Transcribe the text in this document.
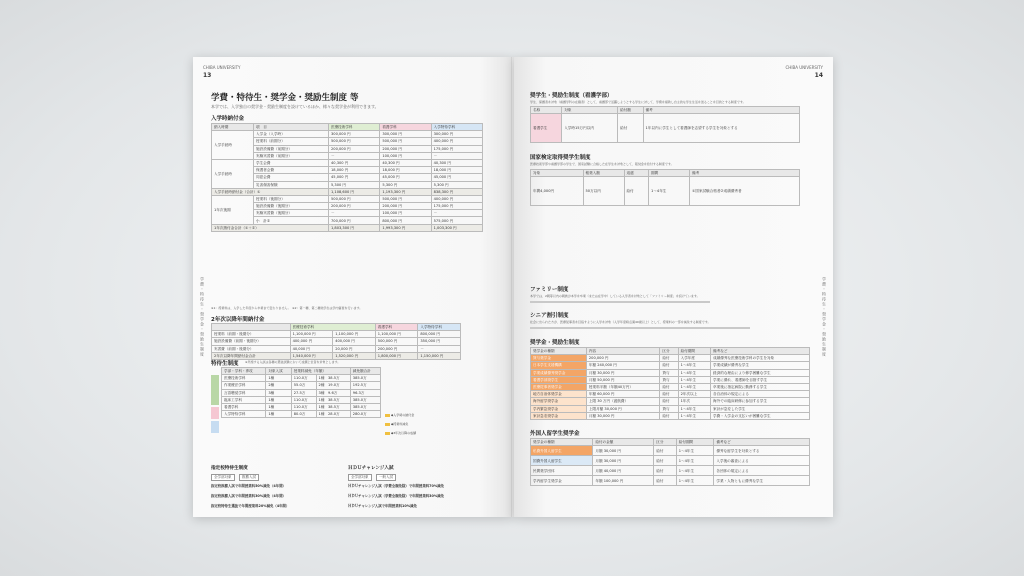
CHIBA UNIVERSITY
13
学費・特待生・奨学金・奨励生制度 等
本学では、入学独自の奨学金・奨励生制度を設けているほか、様々な奨学金が利用できます。
入学時納付金
納入時期	項　目	医療技術学科	看護学科	入学特待学科
入学手続時	入学金（入学時）	300,000 円	300,000 円	300,000 円
	授業料（前期分）	500,000 円	500,000 円	400,000 円
	施設設備費（前期分）	200,000 円	200,000 円	175,000 円
	実験実習費（前期分）	－	100,000 円	－
入学手続時	学生会費	40,300 円	40,300 円	40,300 円
	保護者会費	18,000 円	18,000 円	18,000 円
	同窓会費	45,000 円	45,000 円	45,000 円
	災害傷害保険	5,300 円	5,300 円	5,300 円
入学手続時納付金（合計）①		1,108,600 円	1,193,300 円	838,300 円
1年次後期	授業料（後期分）	500,000 円	500,000 円	400,000 円
	施設設備費（後期分）	200,000 円	200,000 円	175,000 円
	実験実習費（後期分）	－	100,000 円	－
	小　計②	700,000 円	800,000 円	575,000 円
1年次納付金合計（①＋②）		1,803,300 円	1,993,300 円	1,003,300 円
※1：授業料は、入学した年度から卒業まで変わりません。　※2：第一種、第二種奨学生は学内審査を行います。
2年次以降年間納付金
	医療技術学科		看護学科	入学特待学科
授業料（前期・後期分）	1,100,000 円	1,100,000 円	1,100,000 円	800,000 円
施設設備費（前期・後期分）	400,000 円	400,000 円	500,000 円	350,000 円
実習費（前期・後期分）	40,000 円	20,000 円	200,000 円	－
2年次以降年間納付金合計	1,540,000 円	1,520,000 円	1,800,000 円	1,150,000 円
特待生制度 ※実施する入試は各種の選抜試験において成績上位者を対象とします。
学部・学科・専攻	対象入試	授業料減免（年額）		減免額合計
医療技術学科	1種	110.0万	1種　38.5万	385.0万
作業療法学科	2種	55.0万	2種　19.0万	192.5万
言語聴覚学科	3種	27.5万	3種　9.6万	96.3万
臨床工学科	1種	110.0万	1種　38.5万	385.0万
看護学科	1種	110.0万	1種　38.5万	385.0万
入学特待学科	1種	80.0万	1種　28.0万	280.0万	◆入学時の納付金
◆授業料減免
◆3年次以降の成績
指定校特待生制度
全学部対象	推薦入試
指定校推薦入試で年間授業料50%減免（4年間）
指定校推薦入試で年間授業料30%減免（4年間）
指定校特待生選抜で年間授業料20%減免（4年間）
ＨＤＵチャレンジ入試
全学部対象	一般入試
ＨＤＵチャレンジ入試（学費全額免除）で年間授業料70%減免
ＨＤＵチャレンジ入試（学費全額免除）で年間授業料30%減免
ＨＤＵチャレンジ入試で年間授業料10%減免
学費・特待生・奨学金・奨励生制度
CHIBA UNIVERSITY
14
奨学生・奨励生制度（看護学部）
学生、保護者を対象（看護学科の在籍者）として、看護部で活躍しようとする学生に対して、学費を援助し自主的な学生生活を送ることを目的とする制度です。
名称	対象	給付額	備考
看護学生	入学時15万円以内	給付	1年以内に学生として看護師を志望する学生を対象とする
国家検定取得奨学生制度
医療技術学部や看護学部の学生で、国家試験に合格した在学生を対象として、報奨金を給付する制度です。
対象	報奨入額	返還	期間	備考
年間4,000円	50万以内	給付	1～4年生	①国家試験合格者②成績優秀者
ファミリー制度
本学では、2親等以内の親族が本学を卒業（または在学中）している入学者を対象として「ファミリー制度」を設けています。
シニア割引制度
社会に出られた方が、医療従事者を目指すように入学を対象（入学年度時点満40歳以上）として、授業料の一部を減免する制度です。
奨学金・奨励生制度
奨学金の種類	内容	区分	給付期間	備考など
貸与奨学金	200,000 円	給付	入学年度	成績優秀な医療技術学科の学生を対象
日本学生支援機構	年額 240,000 円	給付	1～4年生	学業成績が優秀な学生
学業成績優秀奨学金	月額 30,000 円	貸与	1～4年生	経済的な理由により修学困難な学生
看護学部奨学生	月額 50,000 円	貸与	1～4年生	学業に優れ、看護師を目指す学生
医療従事者奨学金	授業料半額（年額40万円）	給付	1～4年生	卒業後に指定病院に勤務する学生
地方自治体奨学金	年額 60,000 円	給付	2年次以上	各自治体の規定による
海外留学奨学金	上限 30 万円（渡航費）	給付	1年次	海外での臨床研修に参加する学生
学内緊急奨学金	上限月額 30,000 円	貸与	1～4年生	家計が急変した学生
家計急変奨学金	月額 30,000 円	給付	1～4年生	学費・入学金の支払いが困難な学生
外国人留学生奨学金
奨学金の種類	給付の金額	区分	給付期間	備考など
私費外国人留学生	月額 30,000 円	給付	1～4年生	優秀な留学生を対象とする
国費外国人留学生	月額 30,000 円	給付	1～4年生	入学後の審査による
民間奨学団体	月額 40,000 円	給付	1～4年生	各団体の規定による
学内留学生奨学金	年額 100,000 円	給付	1～4年生	学業・人物ともに優秀な学生
学費・特待生・奨学金・奨励生制度
